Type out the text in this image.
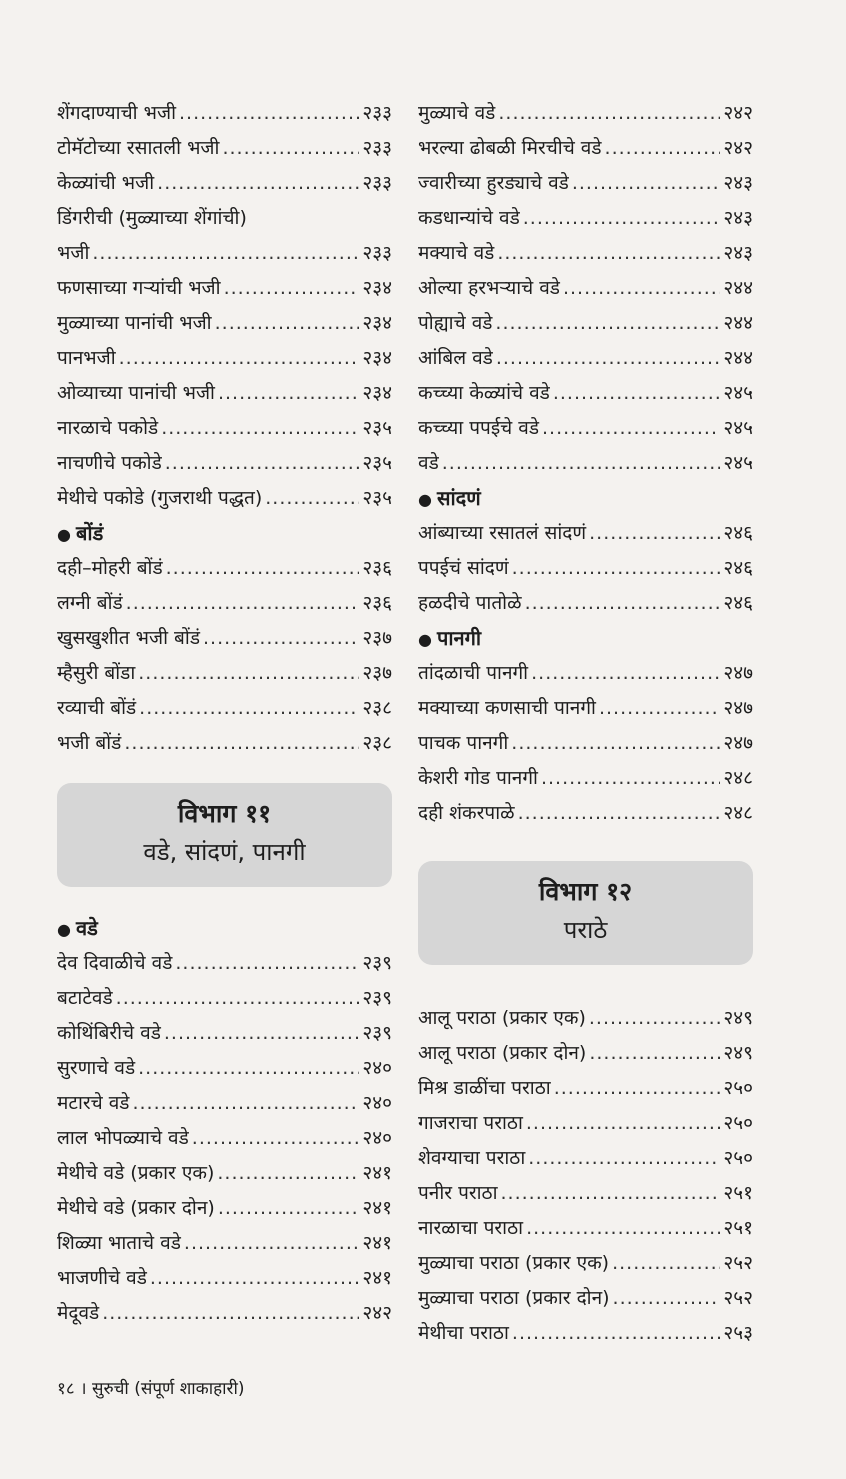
शेंगदाण्याची भजी .....	२३३
टोमॅटोच्या रसातली भजी .....	२३३
केळ्यांची भजी .....	२३३
डिंगरीची (मुळ्याच्या शेंगांची)
भजी .....	२३३
फणसाच्या गऱ्यांची भजी .....	२३४
मुळ्याच्या पानांची भजी .....	२३४
पानभजी .....	२३४
ओव्याच्या पानांची भजी .....	२३४
नारळाचे पकोडे .....	२३५
नाचणीचे पकोडे .....	२३५
मेथीचे पकोडे (गुजराथी पद्धत) .....	२३५
● बोंडं
दही–मोहरी बोंडं .....	२३६
लग्नी बोंडं .....	२३६
खुसखुशीत भजी बोंडं .....	२३७
म्हैसुरी बोंडा .....	२३७
रव्याची बोंडं .....	२३८
भजी बोंडं .....	२३८
विभाग ११
वडे, सांदणं, पानगी
● वडे
देव दिवाळीचे वडे .....	२३९
बटाटेवडे .....	२३९
कोथिंबिरीचे वडे .....	२३९
सुरणाचे वडे .....	२४०
मटारचे वडे .....	२४०
लाल भोपळ्याचे वडे .....	२४०
मेथीचे वडे (प्रकार एक) .....	२४१
मेथीचे वडे (प्रकार दोन) .....	२४१
शिळ्या भाताचे वडे .....	२४१
भाजणीचे वडे .....	२४१
मेदूवडे .....	२४२
मुळ्याचे वडे .....	२४२
भरल्या ढोबळी मिरचीचे वडे .....	२४२
ज्वारीच्या हुरड्याचे वडे .....	२४३
कडधान्यांचे वडे .....	२४३
मक्याचे वडे .....	२४३
ओल्या हरभऱ्याचे वडे .....	२४४
पोह्याचे वडे .....	२४४
आंबिल वडे .....	२४४
कच्च्या केळ्यांचे वडे .....	२४५
कच्च्या पपईचे वडे .....	२४५
वडे .....	२४५
● सांदणं
आंब्याच्या रसातलं सांदणं .....	२४६
पपईचं सांदणं .....	२४६
हळदीचे पातोळे .....	२४६
● पानगी
तांदळाची पानगी .....	२४७
मक्याच्या कणसाची पानगी .....	२४७
पाचक पानगी .....	२४७
केशरी गोड पानगी .....	२४८
दही शंकरपाळे .....	२४८
विभाग १२
पराठे
आलू पराठा (प्रकार एक) .....	२४९
आलू पराठा (प्रकार दोन) .....	२४९
मिश्र डाळींचा पराठा .....	२५०
गाजराचा पराठा .....	२५०
शेवग्याचा पराठा .....	२५०
पनीर पराठा .....	२५१
नारळाचा पराठा .....	२५१
मुळ्याचा पराठा (प्रकार एक) .....	२५२
मुळ्याचा पराठा (प्रकार दोन) .....	२५२
मेथीचा पराठा .....	२५३
१८ । सुरुची (संपूर्ण शाकाहारी)
